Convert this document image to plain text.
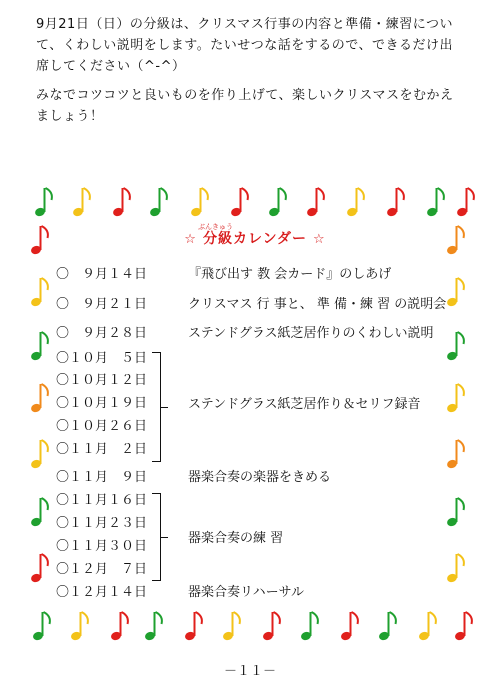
9月21日（日）の分級は、クリスマス行事の内容と準備・練習について、くわしい説明をします。たいせつな話をするので、できるだけ出席してください（^-^）

みなでコツコツと良いものを作り上げて、楽しいクリスマスをむかえましょう！

ぶんきゅう
☆ 分級カレンダー ☆
〇　９月１４日
〇　９月２１日
〇　９月２８日
〇１０月　５日
〇１０月１２日
〇１０月１９日
〇１０月２６日
〇１１月　２日
〇１１月　９日
〇１１月１６日
〇１１月２３日
〇１１月３０日
〇１２月　７日
〇１２月１４日
『飛び出す 教 会カード』のしあげ
クリスマス 行 事と、 準 備・練 習 の説明会
ステンドグラス紙芝居作りのくわしい説明
ステンドグラス紙芝居作り＆セリフ録音
器楽合奏の楽器をきめる
器楽合奏の練 習
器楽合奏リハーサル
－１１－
